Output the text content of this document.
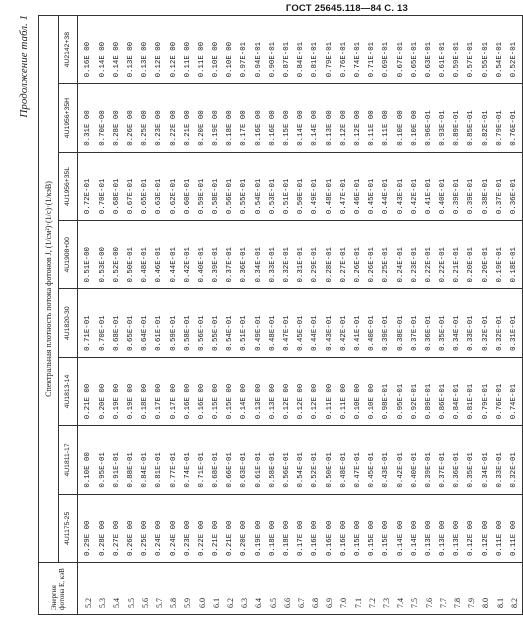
ГОСТ 25645.118—84 С. 13
Продолжение табл. 1
Энергия фотона Е, кэВ	Спектральная плотность потока фотонов Ј, (1/см²)·(1/с)·(1/кэВ)							
	4U1175-25	4U1811-17	4U1813-14	4U1820-30	4U1908+00	4U1956+35L	4U1956+35H	4U2142+38
5.2	0.29E 00	0.10E 00	0.21E 00	0.71E-01	0.51E-00	0.72E-01	0.31E 00	0.16E 00
5.3	0.28E 00	0.95E-01	0.20E 00	0.70E-01	0.53E-00	0.70E-01	0.70E-00	0.14E 00
5.4	0.27E 00	0.91E-01	0.19E 00	0.68E-01	0.52E-00	0.68E-01	0.28E 00	0.14E 00
5.5	0.26E 00	0.88E-01	0.19E 00	0.65E-01	0.50E-01	0.67E-01	0.26E 00	0.13E 00
5.6	0.25E 00	0.84E-01	0.18E 00	0.64E-01	0.48E-01	0.65E-01	0.25E 00	0.13E 00
5.7	0.24E 00	0.81E-01	0.17E 00	0.61E-01	0.46E-01	0.63E-01	0.23E 00	0.12E 00
5.8	0.24E 00	0.77E-01	0.17E 00	0.59E-01	0.44E-01	0.62E-01	0.22E 00	0.12E 00
5.9	0.23E 00	0.74E-01	0.16E 00	0.58E-01	0.42E-01	0.60E-01	0.21E 00	0.11E 00
6.0	0.22E 00	0.71E-01	0.16E 00	0.56E-01	0.40E-01	0.59E-01	0.20E 00	0.11E 00
6.1	0.21E 00	0.68E-01	0.15E 00	0.55E-01	0.39E-01	0.58E-01	0.19E 00	0.10E 00
6.2	0.21E 00	0.66E-01	0.15E 00	0.54E-01	0.37E-01	0.56E-01	0.18E 00	0.10E 00
6.3	0.20E 00	0.63E-01	0.14E 00	0.51E-01	0.36E-01	0.55E-01	0.17E 00	0.97E-01
6.4	0.19E 00	0.61E-01	0.13E 00	0.49E-01	0.34E-01	0.54E-01	0.16E 00	0.94E-01
6.5	0.18E 00	0.58E-01	0.13E 00	0.48E-01	0.33E-01	0.53E-01	0.16E 00	0.90E-01
6.6	0.18E 00	0.56E-01	0.12E 00	0.47E-01	0.32E-01	0.51E-01	0.15E 00	0.87E-01
6.7	0.17E 00	0.54E-01	0.12E 00	0.45E-01	0.31E-01	0.50E-01	0.14E 00	0.84E-01
6.8	0.16E 00	0.52E-01	0.12E 00	0.44E-01	0.29E-01	0.49E-01	0.14E 00	0.81E-01
6.9	0.16E 00	0.50E-01	0.11E 00	0.43E-01	0.28E-01	0.48E-01	0.13E 00	0.79E-01
7.0	0.16E 00	0.48E-01	0.11E 00	0.42E-01	0.27E-01	0.47E-01	0.12E 00	0.76E-01
7.1	0.15E 00	0.47E-01	0.10E 00	0.41E-01	0.26E-01	0.46E-01	0.12E 00	0.74E-01
7.2	0.15E 00	0.45E-01	0.10E 00	0.40E-01	0.26E-01	0.45E-01	0.11E 00	0.71E-01
7.3	0.15E 00	0.43E-01	0.98E-01	0.39E-01	0.25E-01	0.44E-01	0.11E 00	0.69E-01
7.4	0.14E 00	0.42E-01	0.95E-01	0.38E-01	0.24E-01	0.43E-01	0.10E 00	0.67E-01
7.5	0.14E 00	0.40E-01	0.92E-01	0.37E-01	0.23E-01	0.42E-01	0.10E 00	0.65E-01
7.6	0.13E 00	0.39E-01	0.89E-01	0.36E-01	0.22E-01	0.41E-01	0.96E-01	0.63E-01
7.7	0.13E 00	0.37E-01	0.86E-01	0.35E-01	0.22E-01	0.40E-01	0.93E-01	0.61E-01
7.8	0.13E 00	0.36E-01	0.84E-01	0.34E-01	0.21E-01	0.39E-01	0.89E-01	0.59E-01
7.9	0.12E 00	0.35E-01	0.81E-01	0.33E-01	0.20E-01	0.39E-01	0.85E-01	0.57E-01
8.0	0.12E 00	0.34E-01	0.79E-01	0.32E-01	0.20E-01	0.38E-01	0.82E-01	0.55E-01
8.1	0.11E 00	0.33E-01	0.76E-01	0.32E-01	0.19E-01	0.37E-01	0.79E-01	0.54E-01
8.2	0.11E 00	0.32E-01	0.74E-01	0.31E-01	0.18E-01	0.36E-01	0.76E-01	0.52E-01
